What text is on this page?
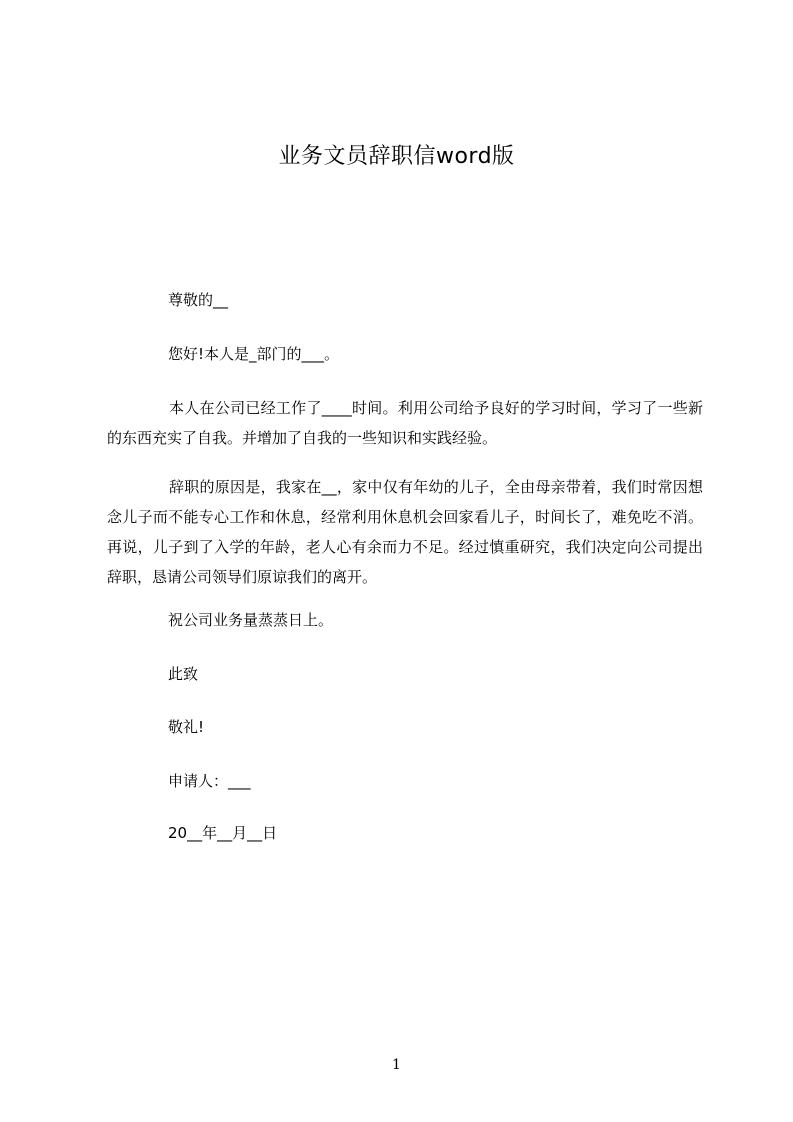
业务文员辞职信word版
尊敬的__
您好!本人是_部门的___。
本人在公司已经工作了____时间。利用公司给予良好的学习时间，学习了一些新的东西充实了自我。并增加了自我的一些知识和实践经验。
辞职的原因是，我家在__，家中仅有年幼的儿子，全由母亲带着，我们时常因想念儿子而不能专心工作和休息，经常利用休息机会回家看儿子，时间长了，难免吃不消。再说，儿子到了入学的年龄，老人心有余而力不足。经过慎重研究，我们决定向公司提出辞职，恳请公司领导们原谅我们的离开。
祝公司业务量蒸蒸日上。
此致
敬礼!
申请人：___
20__年__月__日
1
